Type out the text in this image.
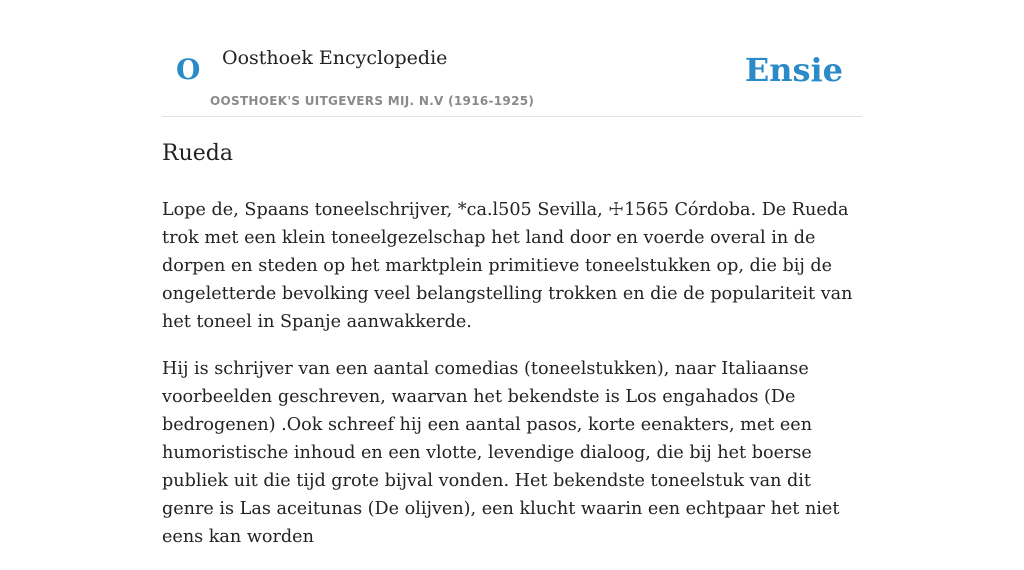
O Oosthoek Encyclopedie
OOSTHOEK'S UITGEVERS MIJ. N.V (1916-1925)
Ensie
Rueda

Lope de, Spaans toneelschrijver, *ca.l505 Sevilla, ☩1565 Córdoba. De Rueda trok met een klein toneelgezelschap het land door en voerde overal in de dorpen en steden op het marktplein primitieve toneelstukken op, die bij de ongeletterde bevolking veel belangstelling trokken en die de populariteit van het toneel in Spanje aanwakkerde.

Hij is schrijver van een aantal comedias (toneelstukken), naar Italiaanse voorbeelden geschreven, waarvan het bekendste is Los engahados (De bedrogenen) .Ook schreef hij een aantal pasos, korte eenakters, met een humoristische inhoud en een vlotte, levendige dialoog, die bij het boerse publiek uit die tijd grote bijval vonden. Het bekendste toneelstuk van dit genre is Las aceitunas (De olijven), een klucht waarin een echtpaar het niet eens kan worden
